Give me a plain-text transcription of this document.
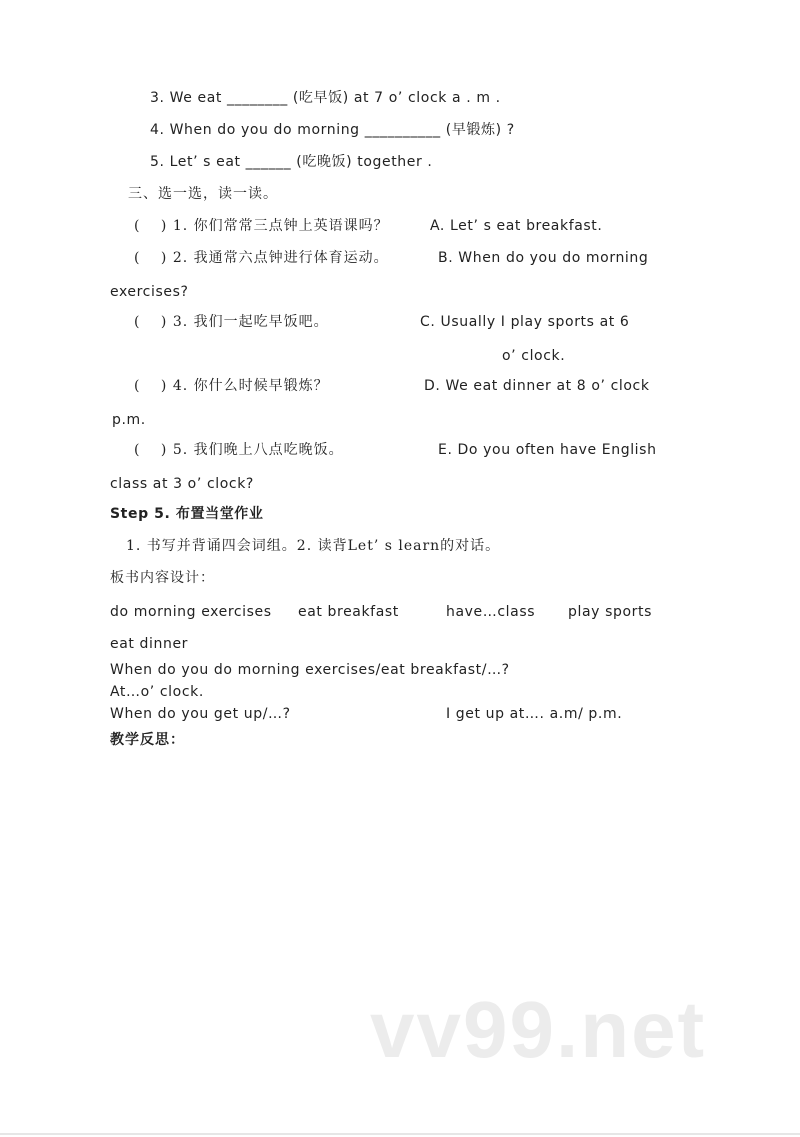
3. We eat ________ (吃早饭) at 7 o’ clock a . m .
4. When do you do morning __________ (早锻炼) ?
5. Let’ s eat ______ (吃晚饭) together .
三、选一选，读一读。
(　 ) 1. 你们常常三点钟上英语课吗？	A. Let’ s eat breakfast.
(　 ) 2. 我通常六点钟进行体育运动。	B. When do you do morning
exercises?
(　 ) 3. 我们一起吃早饭吧。	C. Usually I play sports at 6
o’ clock.
(　 ) 4. 你什么时候早锻炼？	D. We eat dinner at 8 o’ clock
p.m.
(　 ) 5. 我们晚上八点吃晚饭。	E. Do you often have English
class at 3 o’ clock?
Step 5. 布置当堂作业
1. 书写并背诵四会词组。2. 读背Let’ s learn的对话。
板书内容设计：
do morning exercises eat breakfast	have…class play sports
eat dinner
When do you do morning exercises/eat breakfast/…?
At…o’ clock.
When do you get up/…?	I get up at…. a.m/ p.m.
教学反思：
vv99.net
